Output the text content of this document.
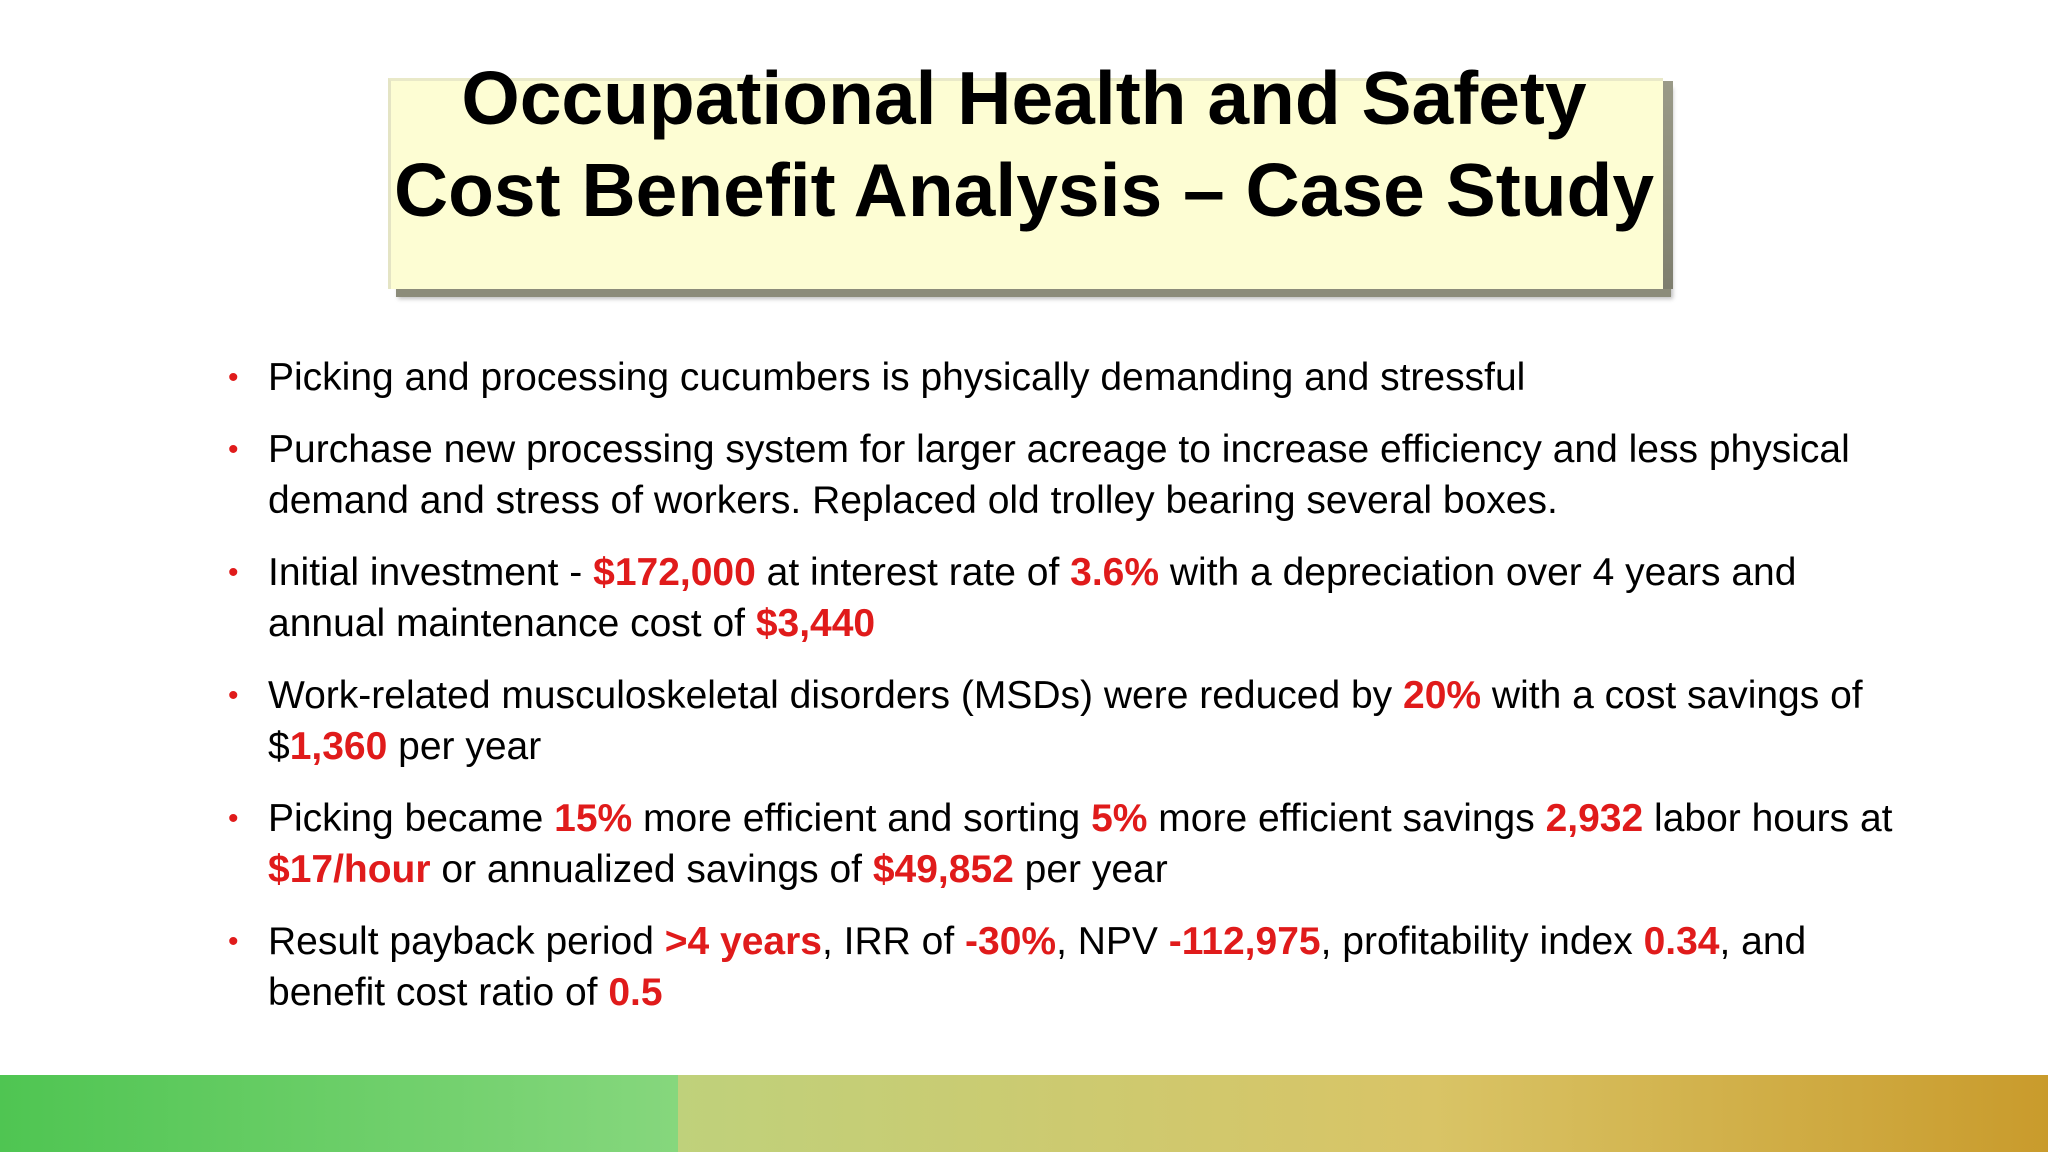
Occupational Health and Safety Cost Benefit Analysis – Case Study
• Picking and processing cucumbers is physically demanding and stressful
• Purchase new processing system for larger acreage to increase efficiency and less physical demand and stress of workers. Replaced old trolley bearing several boxes.
• Initial investment - $172,000 at interest rate of 3.6% with a depreciation over 4 years and annual maintenance cost of $3,440
• Work-related musculoskeletal disorders (MSDs) were reduced by 20% with a cost savings of $1,360 per year
• Picking became 15% more efficient and sorting 5% more efficient savings 2,932 labor hours at $17/hour or annualized savings of $49,852 per year
• Result payback period >4 years, IRR of -30%, NPV -112,975, profitability index 0.34, and benefit cost ratio of 0.5
